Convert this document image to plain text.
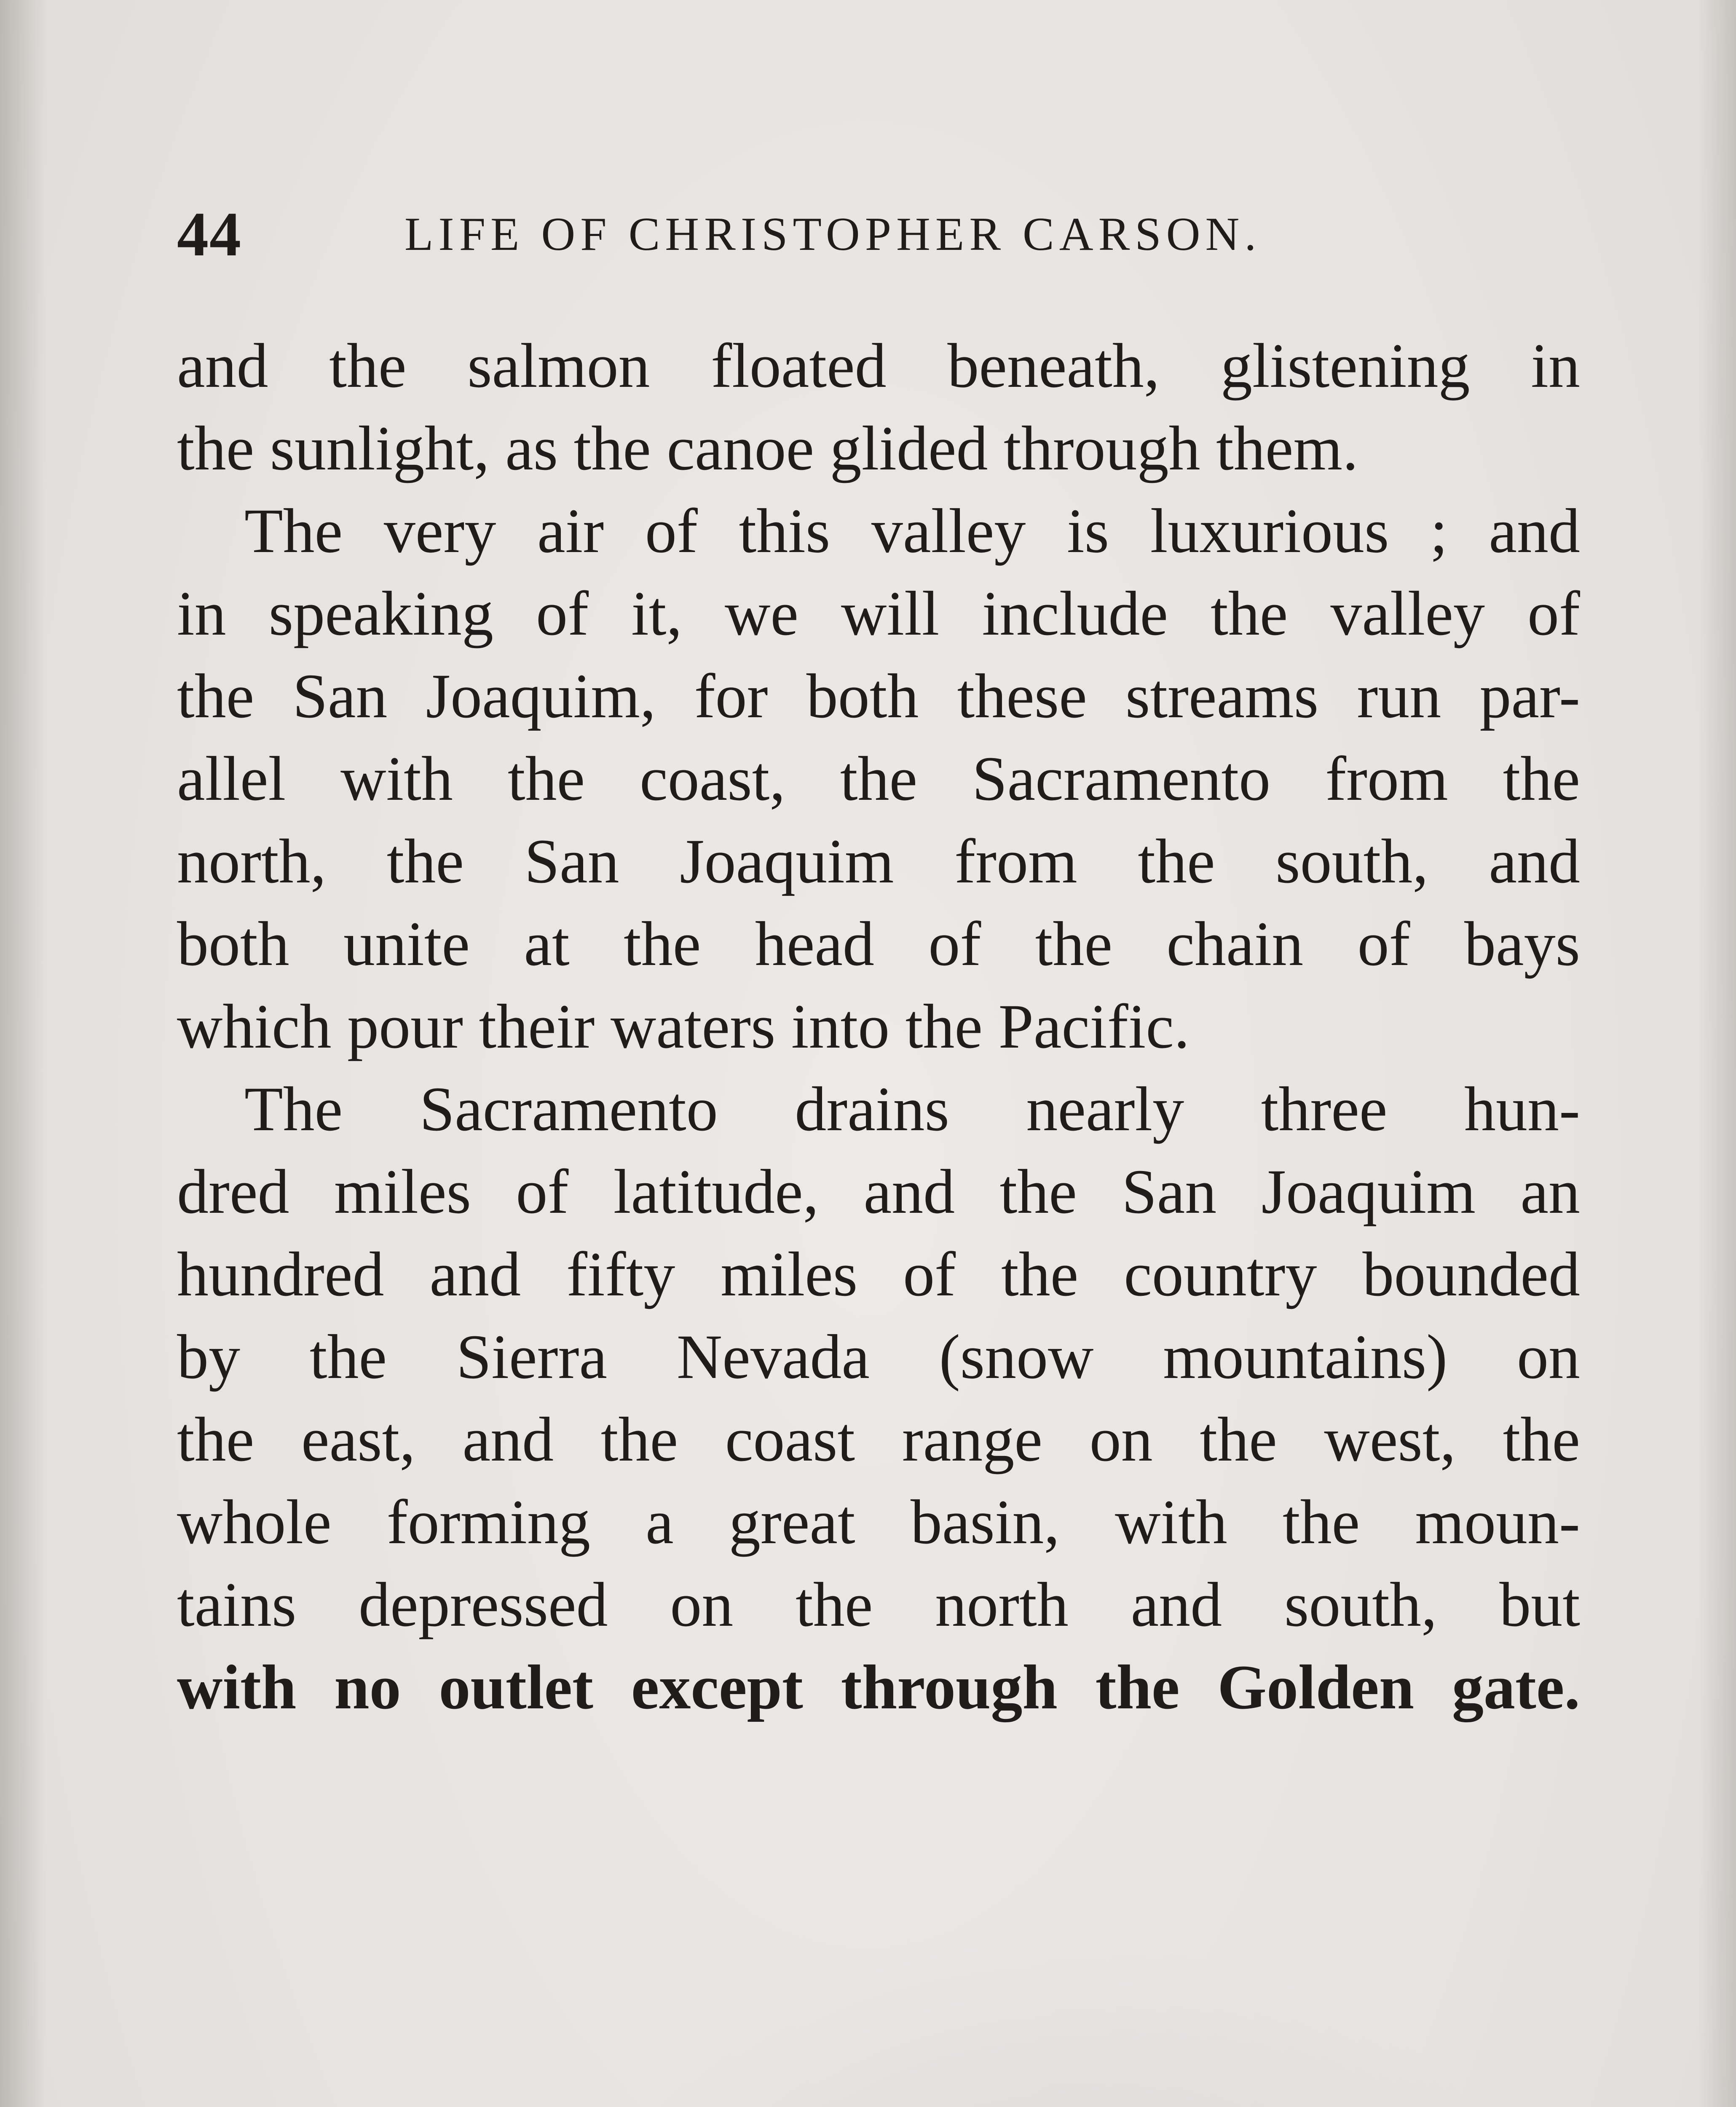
44	LIFE OF CHRISTOPHER CARSON.
and the salmon floated beneath, glistening in
the sunlight, as the canoe glided through them.
The very air of this valley is luxurious ; and
in speaking of it, we will include the valley of
the San Joaquim, for both these streams run par-
allel with the coast, the Sacramento from the
north, the San Joaquim from the south, and
both unite at the head of the chain of bays
which pour their waters into the Pacific.
The Sacramento drains nearly three hun-
dred miles of latitude, and the San Joaquim an
hundred and fifty miles of the country bounded
by the Sierra Nevada (snow mountains) on
the east, and the coast range on the west, the
whole forming a great basin, with the moun-
tains depressed on the north and south, but
with no outlet except through the Golden gate.
